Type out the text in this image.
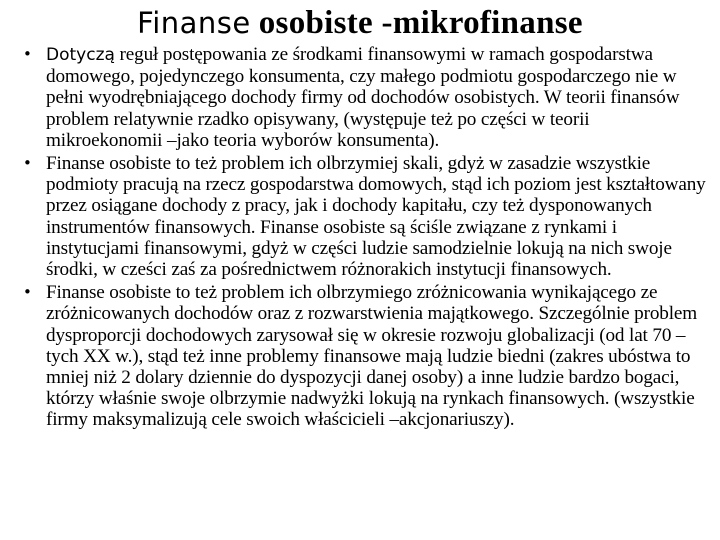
Finanse osobiste -mikrofinanse
• Dotyczą reguł postępowania ze środkami finansowymi w ramach gospodarstwa domowego, pojedynczego konsumenta, czy małego podmiotu gospodarczego nie w pełni wyodrębniającego dochody firmy od dochodów osobistych. W teorii finansów problem relatywnie rzadko opisywany, (występuje też po części w teorii mikroekonomii –jako teoria wyborów konsumenta).
• Finanse osobiste to też problem ich olbrzymiej skali, gdyż w zasadzie wszystkie podmioty pracują na rzecz gospodarstwa domowych, stąd ich poziom jest kształtowany przez osiągane dochody z pracy, jak i dochody kapitału, czy też dysponowanych instrumentów finansowych. Finanse osobiste są ściśle związane z rynkami i instytucjami finansowymi, gdyż w części ludzie samodzielnie lokują na nich swoje środki, w cześci zaś za pośrednictwem różnorakich instytucji finansowych.
• Finanse osobiste to też problem ich olbrzymiego zróżnicowania wynikającego ze zróżnicowanych dochodów oraz z rozwarstwienia majątkowego. Szczególnie problem dysproporcji dochodowych zarysował się w okresie rozwoju globalizacji (od lat 70 –tych XX w.), stąd też inne problemy finansowe mają ludzie biedni (zakres ubóstwa to mniej niż 2 dolary dziennie do dyspozycji danej osoby) a inne ludzie bardzo bogaci, którzy właśnie swoje olbrzymie nadwyżki lokują na rynkach finansowych. (wszystkie firmy maksymalizują cele swoich właścicieli –akcjonariuszy).
